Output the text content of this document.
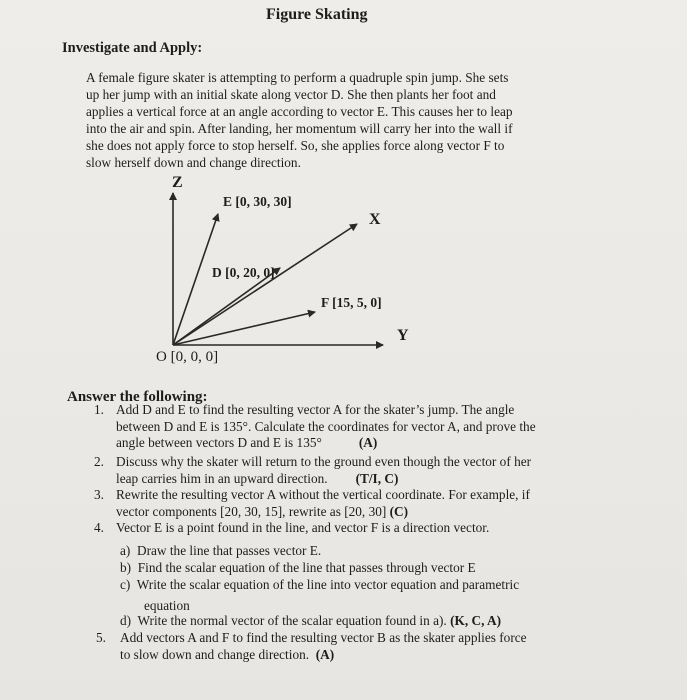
Figure Skating
Investigate and Apply:
A female figure skater is attempting to perform a quadruple spin jump. She sets
up her jump with an initial skate along vector D. She then plants her foot and
applies a vertical force at an angle according to vector E. This causes her to leap
into the air and spin. After landing, her momentum will carry her into the wall if
she does not apply force to stop herself. So, she applies force along vector F to
slow herself down and change direction.
Z
X
Y
E [0, 30, 30]
D [0, 20, 0]
F [15, 5, 0]
O [0, 0, 0]
Answer the following:
1. Add D and E to find the resulting vector A for the skater’s jump. The angle
between D and E is 135°. Calculate the coordinates for vector A, and prove the
angle between vectors D and E is 135°	(A)
2. Discuss why the skater will return to the ground even though the vector of her
leap carries him in an upward direction. (T/I, C)
3. Rewrite the resulting vector A without the vertical coordinate. For example, if
vector components [20, 30, 15], rewrite as [20, 30] (C)
4. Vector E is a point found in the line, and vector F is a direction vector.
a) Draw the line that passes vector E.
b) Find the scalar equation of the line that passes through vector E
c) Write the scalar equation of the line into vector equation and parametric
equation
d) Write the normal vector of the scalar equation found in a). (K, C, A)
5. Add vectors A and F to find the resulting vector B as the skater applies force
to slow down and change direction. (A)
